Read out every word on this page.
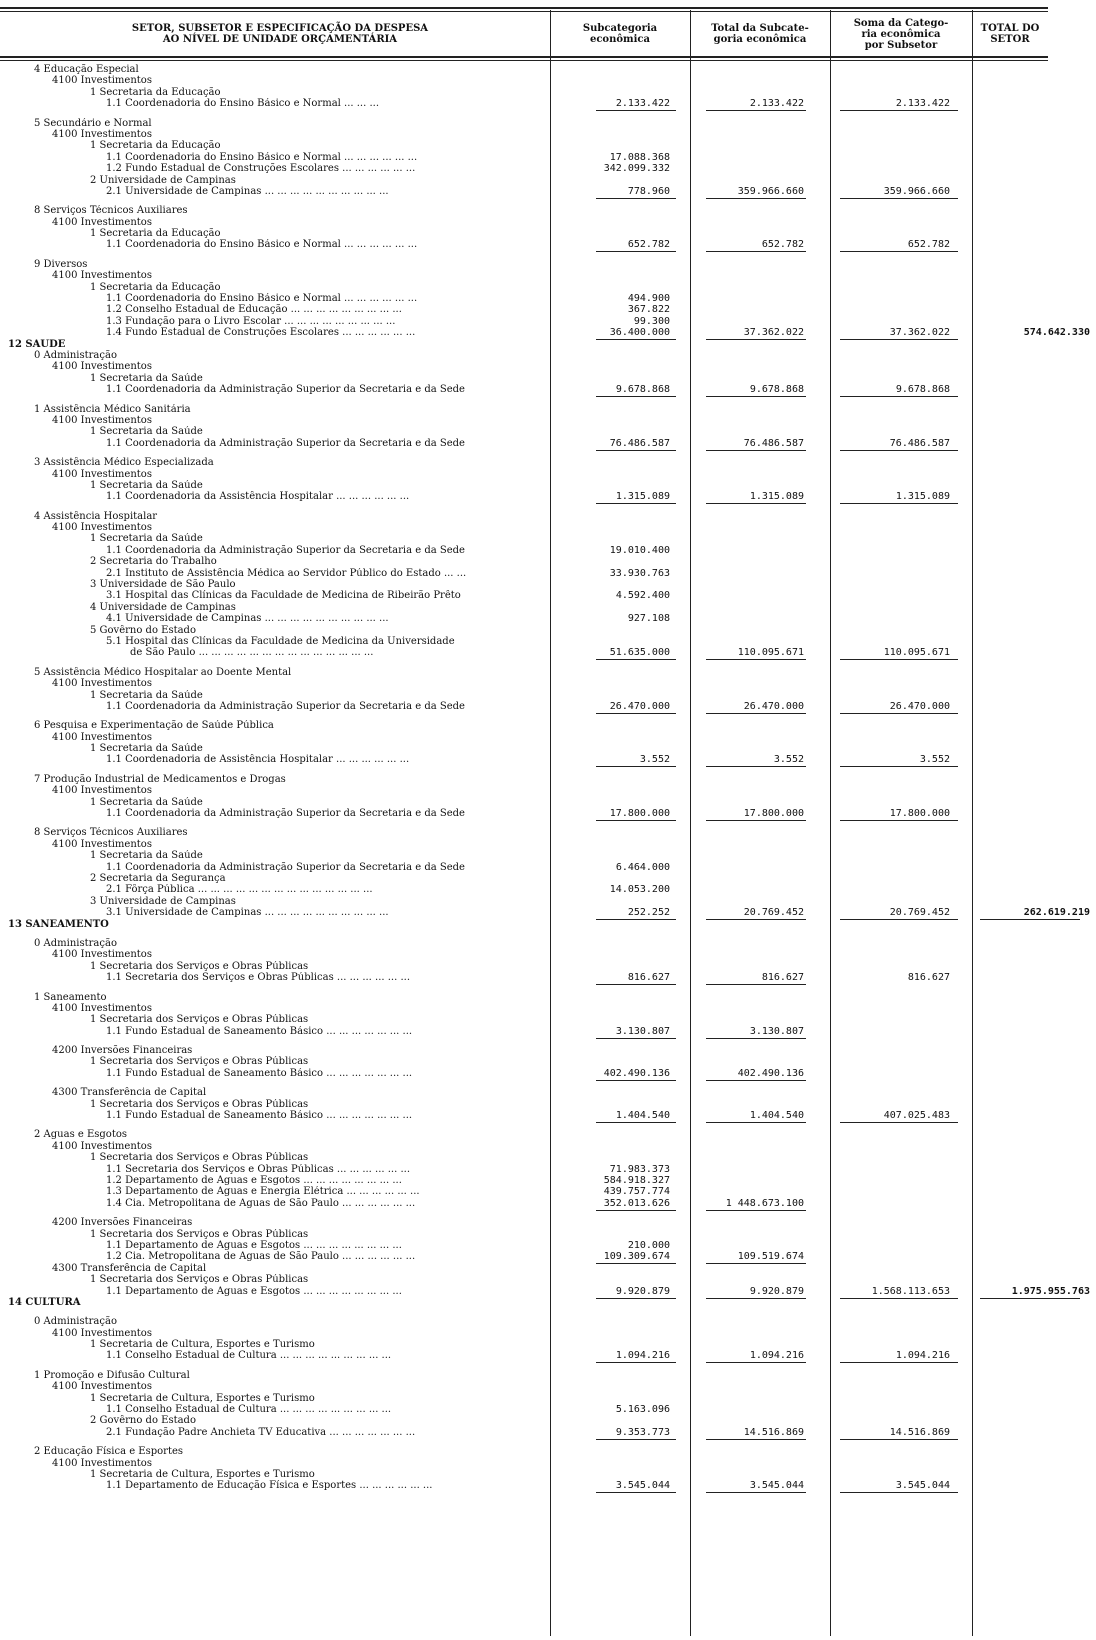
SETOR, SUBSETOR E ESPECIFICAÇÃO DA DESPESA
AO NÍVEL DE UNIDADE ORÇAMENTÁRIA
Subcategoria
econômica
Total da Subcate-
goria econômica
Soma da Catego-
ria econômica
por Subsetor
TOTAL DO
SETOR
4 Educação Especial
4100 Investimentos
1 Secretaria da Educação
1.1 Coordenadoria do Ensino Básico e Normal ... ... ...	2.133.422	2.133.422	2.133.422
5 Secundário e Normal
4100 Investimentos
1 Secretaria da Educação
1.1 Coordenadoria do Ensino Básico e Normal ... ... ... ... ... ...	17.088.368
1.2 Fundo Estadual de Construções Escolares ... ... ... ... ... ...	342.099.332
2 Universidade de Campinas
2.1 Universidade de Campinas ... ... ... ... ... ... ... ... ... ...	778.960	359.966.660	359.966.660
8 Serviços Técnicos Auxiliares
4100 Investimentos
1 Secretaria da Educação
1.1 Coordenadoria do Ensino Básico e Normal ... ... ... ... ... ...	652.782	652.782	652.782
9 Diversos
4100 Investimentos
1 Secretaria da Educação
1.1 Coordenadoria do Ensino Básico e Normal ... ... ... ... ... ...	494.900
1.2 Conselho Estadual de Educação ... ... ... ... ... ... ... ... ...	367.822
1.3 Fundação para o Livro Escolar ... ... ... ... ... ... ... ... ...	99.300
1.4 Fundo Estadual de Construções Escolares ... ... ... ... ... ...	36.400.000	37.362.022	37.362.022	574.642.330
12 SAÚDE
0 Administração
4100 Investimentos
1 Secretaria da Saúde
1.1 Coordenadoria da Administração Superior da Secretaria e da Sede	9.678.868	9.678.868	9.678.868
1 Assistência Médico Sanitária
4100 Investimentos
1 Secretaria da Saúde
1.1 Coordenadoria da Administração Superior da Secretaria e da Sede	76.486.587	76.486.587	76.486.587
3 Assistência Médico Especializada
4100 Investimentos
1 Secretaria da Saúde
1.1 Coordenadoria da Assistência Hospitalar ... ... ... ... ... ...	1.315.089	1.315.089	1.315.089
4 Assistência Hospitalar
4100 Investimentos
1 Secretaria da Saúde
1.1 Coordenadoria da Administração Superior da Secretaria e da Sede	19.010.400
2 Secretaria do Trabalho
2.1 Instituto de Assistência Médica ao Servidor Público do Estado ... ...	33.930.763
3 Universidade de São Paulo
3.1 Hospital das Clínicas da Faculdade de Medicina de Ribeirão Prêto	4.592.400
4 Universidade de Campinas
4.1 Universidade de Campinas ... ... ... ... ... ... ... ... ... ...	927.108
5 Govêrno do Estado
5.1 Hospital das Clínicas da Faculdade de Medicina da Universidade
de São Paulo ... ... ... ... ... ... ... ... ... ... ... ... ... ...	51.635.000	110.095.671	110.095.671
5 Assistência Médico Hospitalar ao Doente Mental
4100 Investimentos
1 Secretaria da Saúde
1.1 Coordenadoria da Administração Superior da Secretaria e da Sede	26.470.000	26.470.000	26.470.000
6 Pesquisa e Experimentação de Saúde Pública
4100 Investimentos
1 Secretaria da Saúde
1.1 Coordenadoria de Assistência Hospitalar ... ... ... ... ... ...	3.552	3.552	3.552
7 Produção Industrial de Medicamentos e Drogas
4100 Investimentos
1 Secretaria da Saúde
1.1 Coordenadoria da Administração Superior da Secretaria e da Sede	17.800.000	17.800.000	17.800.000
8 Serviços Técnicos Auxiliares
4100 Investimentos
1 Secretaria da Saúde
1.1 Coordenadoria da Administração Superior da Secretaria e da Sede	6.464.000
2 Secretaria da Segurança
2.1 Fôrça Pública ... ... ... ... ... ... ... ... ... ... ... ... ... ...	14.053.200
3 Universidade de Campinas
3.1 Universidade de Campinas ... ... ... ... ... ... ... ... ... ...	252.252	20.769.452	20.769.452	262.619.219
13 SANEAMENTO
0 Administração
4100 Investimentos
1 Secretaria dos Serviços e Obras Públicas
1.1 Secretaria dos Serviços e Obras Públicas ... ... ... ... ... ...	816.627	816.627	816.627
1 Saneamento
4100 Investimentos
1 Secretaria dos Serviços e Obras Públicas
1.1 Fundo Estadual de Saneamento Básico ... ... ... ... ... ... ...	3.130.807	3.130.807
4200 Inversões Financeiras
1 Secretaria dos Serviços e Obras Públicas
1.1 Fundo Estadual de Saneamento Básico ... ... ... ... ... ... ...	402.490.136	402.490.136
4300 Transferência de Capital
1 Secretaria dos Serviços e Obras Públicas
1.1 Fundo Estadual de Saneamento Básico ... ... ... ... ... ... ...	1.404.540	1.404.540	407.025.483
2 Águas e Esgotos
4100 Investimentos
1 Secretaria dos Serviços e Obras Públicas
1.1 Secretaria dos Serviços e Obras Públicas ... ... ... ... ... ...	71.983.373
1.2 Departamento de Águas e Esgotos ... ... ... ... ... ... ... ...	584.918.327
1.3 Departamento de Águas e Energia Elétrica ... ... ... ... ... ...	439.757.774
1.4 Cia. Metropolitana de Águas de São Paulo ... ... ... ... ... ...	352.013.626	1 448.673.100
4200 Inversões Financeiras
1 Secretaria dos Serviços e Obras Públicas
1.1 Departamento de Águas e Esgotos ... ... ... ... ... ... ... ...	210.000
1.2 Cia. Metropolitana de Águas de São Paulo ... ... ... ... ... ...	109.309.674	109.519.674
4300 Transferência de Capital
1 Secretaria dos Serviços e Obras Públicas
1.1 Departamento de Águas e Esgotos ... ... ... ... ... ... ... ...	9.920.879	9.920.879	1.568.113.653	1.975.955.763
14 CULTURA
0 Administração
4100 Investimentos
1 Secretaria de Cultura, Esportes e Turismo
1.1 Conselho Estadual de Cultura ... ... ... ... ... ... ... ... ...	1.094.216	1.094.216	1.094.216
1 Promoção e Difusão Cultural
4100 Investimentos
1 Secretaria de Cultura, Esportes e Turismo
1.1 Conselho Estadual de Cultura ... ... ... ... ... ... ... ... ...	5.163.096
2 Govêrno do Estado
2.1 Fundação Padre Anchieta TV Educativa ... ... ... ... ... ... ...	9.353.773	14.516.869	14.516.869
2 Educação Física e Esportes
4100 Investimentos
1 Secretaria de Cultura, Esportes e Turismo
1.1 Departamento de Educação Física e Esportes ... ... ... ... ... ...	3.545.044	3.545.044	3.545.044
